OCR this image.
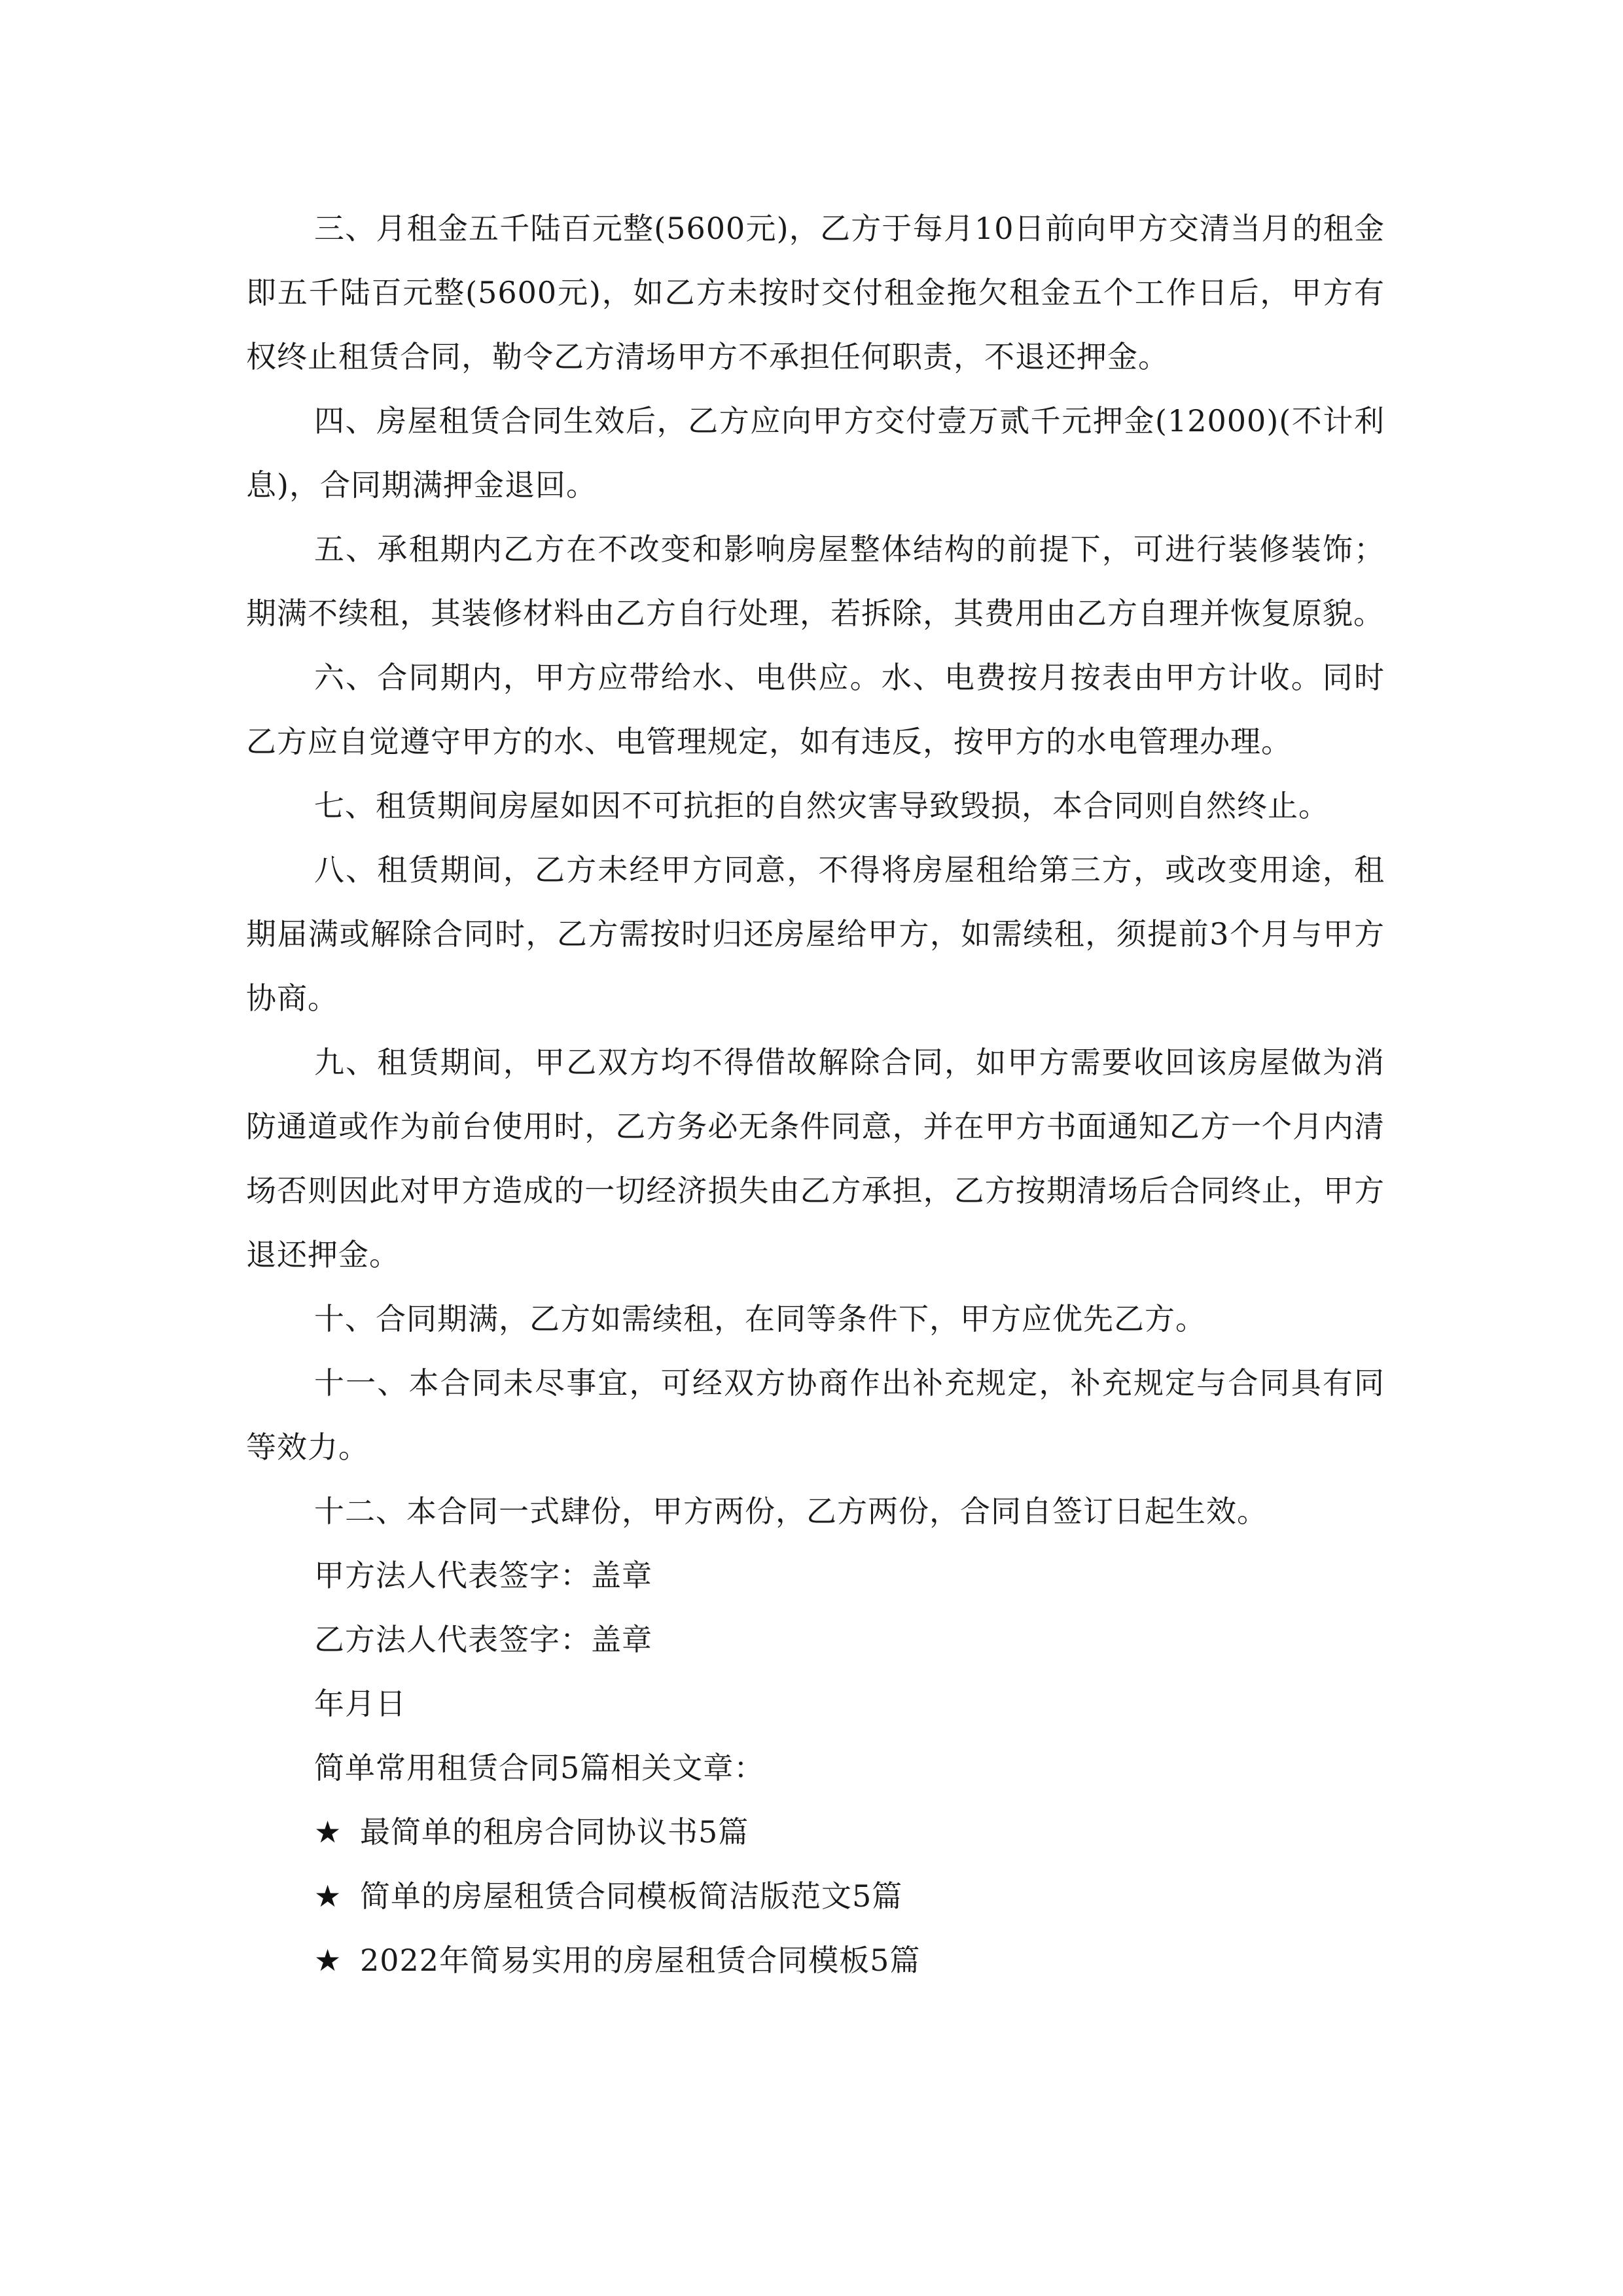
三、月租金五千陆百元整(5600元)，乙方于每月10日前向甲方交清当月的租金即五千陆百元整(5600元)，如乙方未按时交付租金拖欠租金五个工作日后，甲方有权终止租赁合同，勒令乙方清场甲方不承担任何职责，不退还押金。

四、房屋租赁合同生效后，乙方应向甲方交付壹万贰千元押金(12000)(不计利息)，合同期满押金退回。

五、承租期内乙方在不改变和影响房屋整体结构的前提下，可进行装修装饰；期满不续租，其装修材料由乙方自行处理，若拆除，其费用由乙方自理并恢复原貌。

六、合同期内，甲方应带给水、电供应。水、电费按月按表由甲方计收。同时乙方应自觉遵守甲方的水、电管理规定，如有违反，按甲方的水电管理办理。

七、租赁期间房屋如因不可抗拒的自然灾害导致毁损，本合同则自然终止。

八、租赁期间，乙方未经甲方同意，不得将房屋租给第三方，或改变用途，租期届满或解除合同时，乙方需按时归还房屋给甲方，如需续租，须提前3个月与甲方协商。

九、租赁期间，甲乙双方均不得借故解除合同，如甲方需要收回该房屋做为消防通道或作为前台使用时，乙方务必无条件同意，并在甲方书面通知乙方一个月内清场否则因此对甲方造成的一切经济损失由乙方承担，乙方按期清场后合同终止，甲方退还押金。

十、合同期满，乙方如需续租，在同等条件下，甲方应优先乙方。

十一、本合同未尽事宜，可经双方协商作出补充规定，补充规定与合同具有同等效力。

十二、本合同一式肆份，甲方两份，乙方两份，合同自签订日起生效。

甲方法人代表签字：盖章

乙方法人代表签字：盖章

年月日

简单常用租赁合同5篇相关文章：

★ 最简单的租房合同协议书5篇

★ 简单的房屋租赁合同模板简洁版范文5篇

★ 2022年简易实用的房屋租赁合同模板5篇
